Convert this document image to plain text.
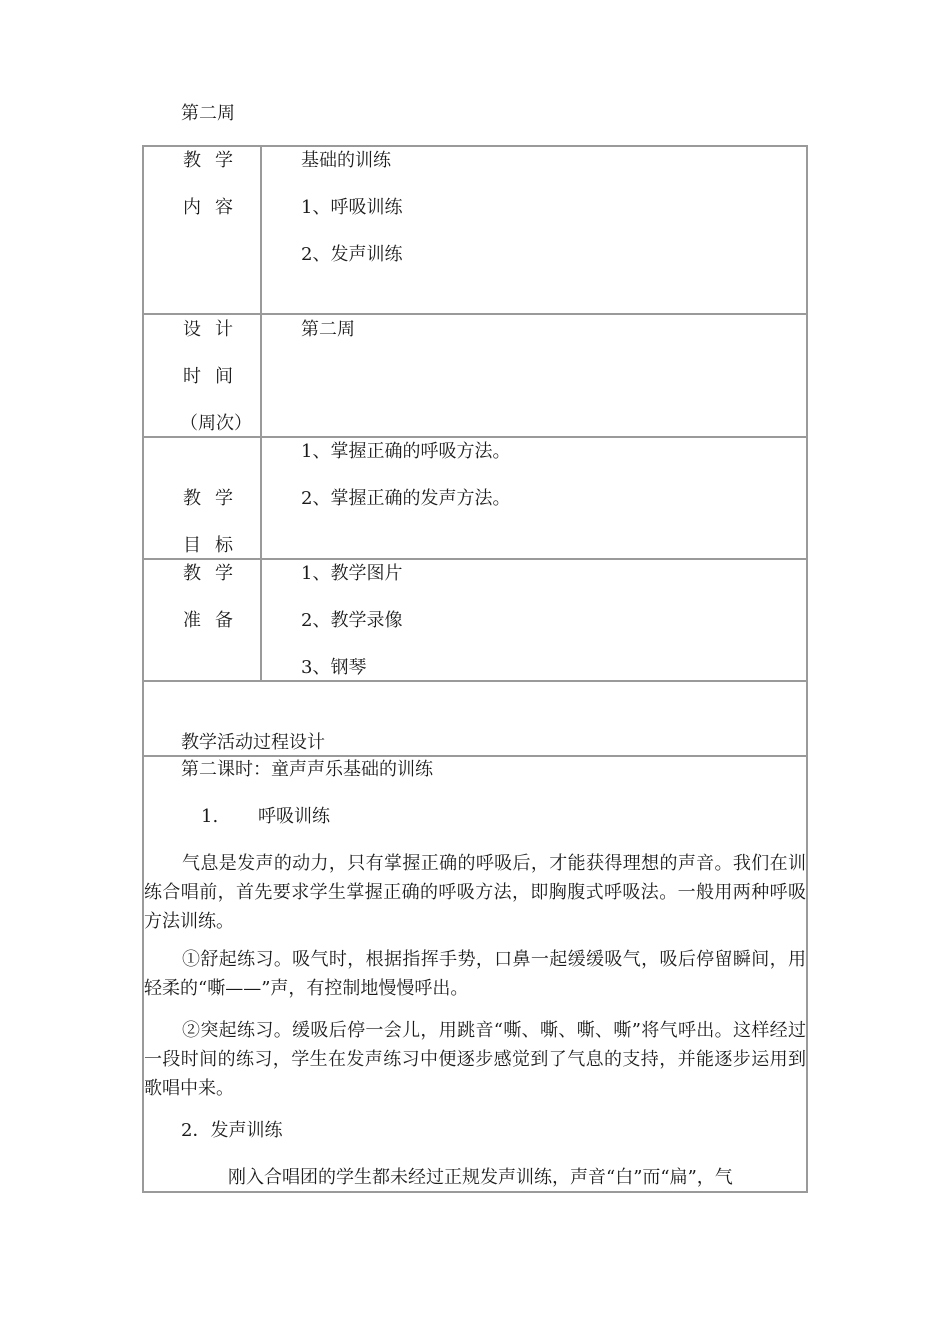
第二周
教学
内容
基础的训练
1、呼吸训练
2、发声训练
设计
时间
（周次）
第二周
教学
目标
1、掌握正确的呼吸方法。
2、掌握正确的发声方法。
教学
准备
1、教学图片
2、教学录像
3、钢琴
教学活动过程设计
第二课时：童声声乐基础的训练
1. 呼吸训练
气息是发声的动力，只有掌握正确的呼吸后，才能获得理想的声音。我们在训练合唱前，首先要求学生掌握正确的呼吸方法，即胸腹式呼吸法。一般用两种呼吸方法训练。
①舒起练习。吸气时，根据指挥手势，口鼻一起缓缓吸气，吸后停留瞬间，用轻柔的“嘶——”声，有控制地慢慢呼出。
②突起练习。缓吸后停一会儿，用跳音“嘶、嘶、嘶、嘶”将气呼出。这样经过一段时间的练习，学生在发声练习中便逐步感觉到了气息的支持，并能逐步运用到歌唱中来。
2．发声训练
刚入合唱团的学生都未经过正规发声训练，声音“白”而“扁”，气
